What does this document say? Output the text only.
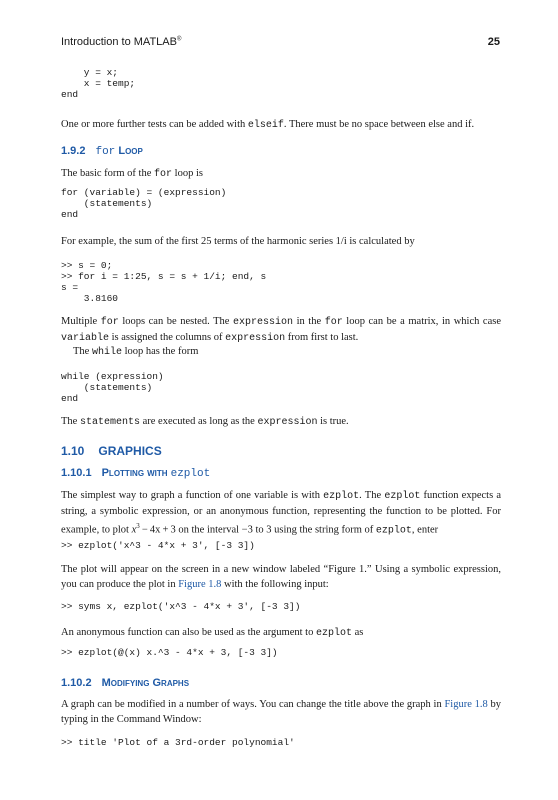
Introduction to MATLAB®	25
y = x;
x = temp;
end
One or more further tests can be added with elseif. There must be no space between else and if.
1.9.2 for Loop
The basic form of the for loop is
for (variable) = (expression)
(statements)
end
For example, the sum of the first 25 terms of the harmonic series 1/i is calculated by
>> s = 0;
>> for i = 1:25, s = s + 1/i; end, s
s =
3.8160
Multiple for loops can be nested. The expression in the for loop can be a matrix, in which case variable is assigned the columns of expression from first to last.
The while loop has the form
while (expression)
(statements)
end
The statements are executed as long as the expression is true.
1.10 GRAPHICS
1.10.1 Plotting with ezplot
The simplest way to graph a function of one variable is with ezplot. The ezplot function expects a string, a symbolic expression, or an anonymous function, representing the function to be plotted. For example, to plot $x^3 - 4x + 3$ on the interval −3 to 3 using the string form of ezplot, enter
>> ezplot('x^3 - 4*x + 3', [-3 3])
The plot will appear on the screen in a new window labeled “Figure 1.” Using a symbolic expression, you can produce the plot in Figure 1.8 with the following input:
>> syms x, ezplot('x^3 - 4*x + 3', [-3 3])
An anonymous function can also be used as the argument to ezplot as
>> ezplot(@(x) x.^3 - 4*x + 3, [-3 3])
1.10.2 Modifying Graphs
A graph can be modified in a number of ways. You can change the title above the graph in Figure 1.8 by typing in the Command Window:
>> title 'Plot of a 3rd-order polynomial'
